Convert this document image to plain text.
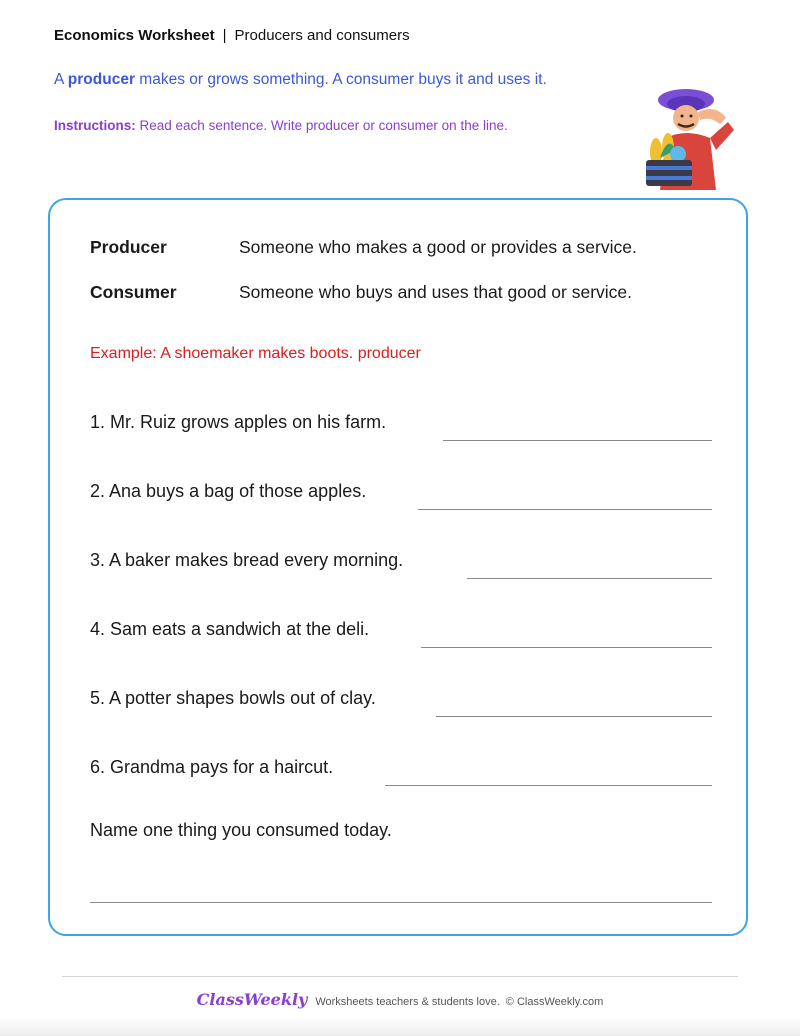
Economics Worksheet | Producers and consumers
A producer makes or grows something. A consumer buys it and uses it.
Instructions: Read each sentence. Write producer or consumer on the line.
Producer	Someone who makes a good or provides a service.
Consumer	Someone who buys and uses that good or service.
Example: A shoemaker makes boots. producer
1. Mr. Ruiz grows apples on his farm.
2. Ana buys a bag of those apples.
3. A baker makes bread every morning.
4. Sam eats a sandwich at the deli.
5. A potter shapes bowls out of clay.
6. Grandma pays for a haircut.
Name one thing you consumed today.
ClassWeekly Worksheets teachers & students love. © ClassWeekly.com
